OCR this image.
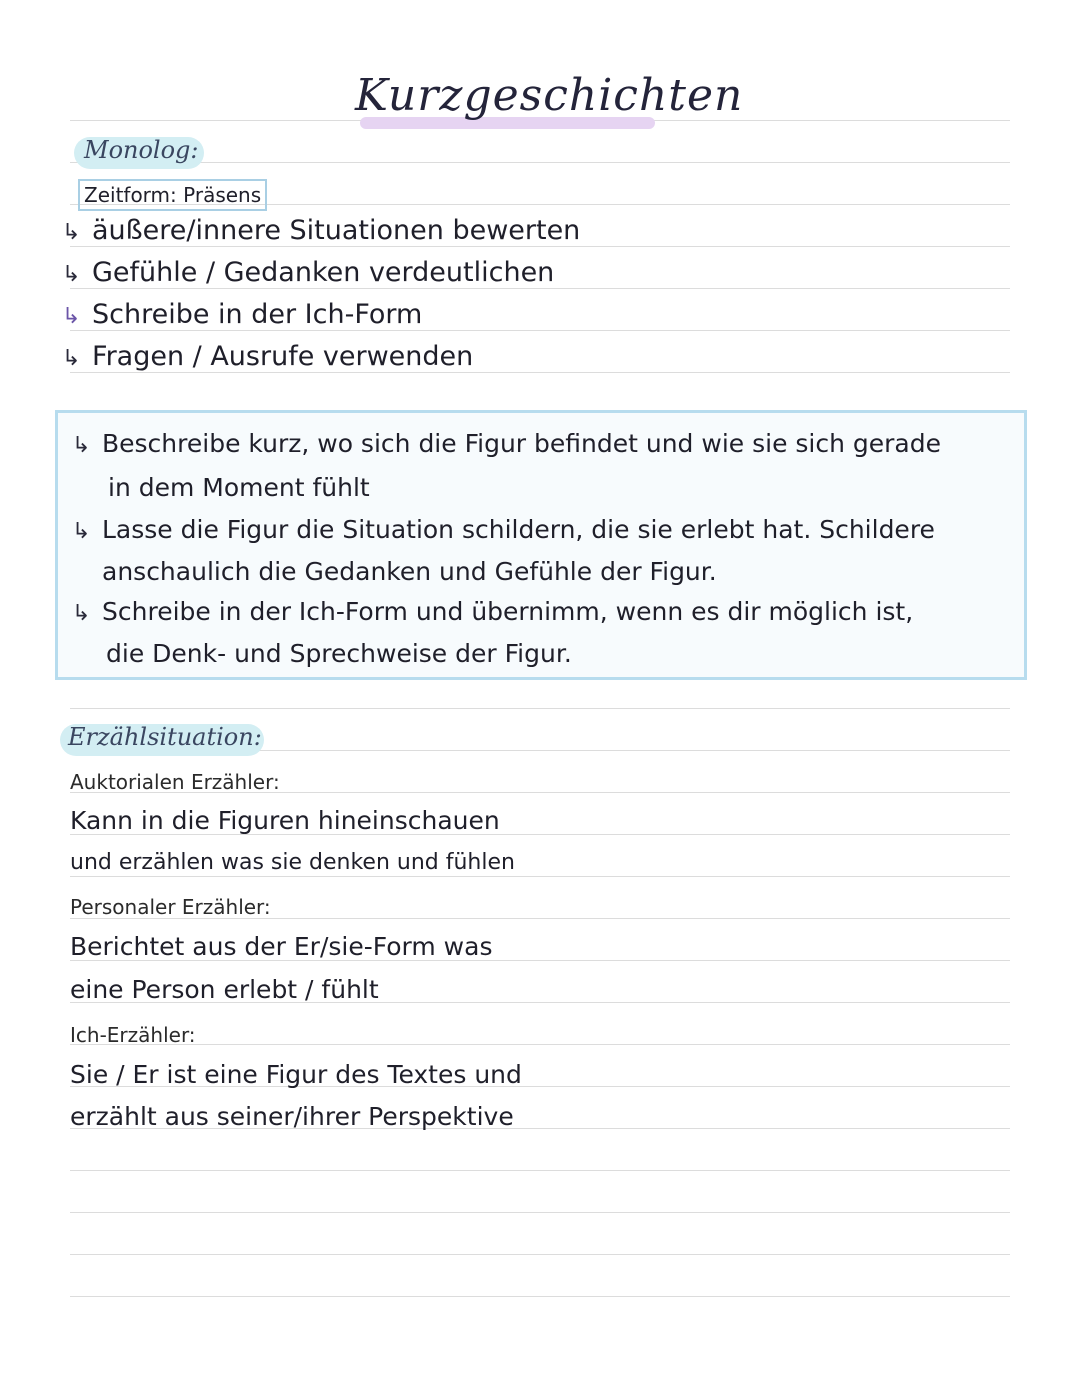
Kurzgeschichten
Monolog:
Zeitform: Präsens
↳ äußere/innere Situationen bewerten
↳ Gefühle / Gedanken verdeutlichen
↳ Schreibe in der Ich-Form
↳ Fragen / Ausrufe verwenden
↳ Beschreibe kurz, wo sich die Figur befindet und wie sie sich gerade
in dem Moment fühlt
↳ Lasse die Figur die Situation schildern, die sie erlebt hat. Schildere
anschaulich die Gedanken und Gefühle der Figur.
↳ Schreibe in der Ich-Form und übernimm, wenn es dir möglich ist,
die Denk- und Sprechweise der Figur.
Erzählsituation:
Auktorialen Erzähler:
Kann in die Figuren hineinschauen
und erzählen was sie denken und fühlen
Personaler Erzähler:
Berichtet aus der Er/sie-Form was
eine Person erlebt / fühlt
Ich-Erzähler:
Sie / Er ist eine Figur des Textes und
erzählt aus seiner/ihrer Perspektive
